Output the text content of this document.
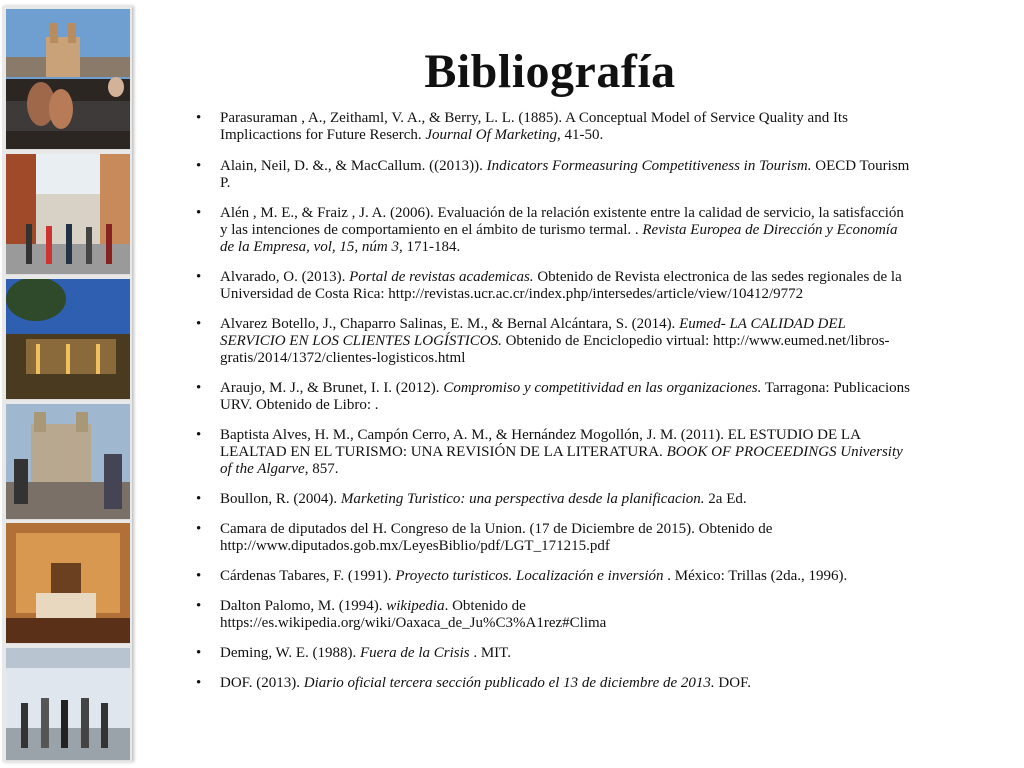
Bibliografía
• Parasuraman , A., Zeithaml, V. A., & Berry, L. L. (1885). A Conceptual Model of Service Quality and Its Implicactions for Future Reserch. Journal Of Marketing, 41-50.
• Alain, Neil, D. &., & MacCallum. ((2013)). Indicators Formeasuring Competitiveness in Tourism. OECD Tourism P.
• Alén , M. E., & Fraiz , J. A. (2006). Evaluación de la relación existente entre la calidad de servicio, la satisfacción y las intenciones de comportamiento en el ámbito de turismo termal. . Revista Europea de Dirección y Economía de la Empresa, vol, 15, núm 3, 171-184.
• Alvarado, O. (2013). Portal de revistas academicas. Obtenido de Revista electronica de las sedes regionales de la Universidad de Costa Rica: http://revistas.ucr.ac.cr/index.php/intersedes/article/view/10412/9772
• Alvarez Botello, J., Chaparro Salinas, E. M., & Bernal Alcántara, S. (2014). Eumed- LA CALIDAD DEL SERVICIO EN LOS CLIENTES LOGÍSTICOS. Obtenido de Enciclopedio virtual: http://www.eumed.net/libros-gratis/2014/1372/clientes-logisticos.html
• Araujo, M. J., & Brunet, I. I. (2012). Compromiso y competitividad en las organizaciones. Tarragona: Publicacions URV. Obtenido de Libro: .
• Baptista Alves, H. M., Campón Cerro, A. M., & Hernández Mogollón, J. M. (2011). EL ESTUDIO DE LA LEALTAD EN EL TURISMO: UNA REVISIÓN DE LA LITERATURA. BOOK OF PROCEEDINGS University of the Algarve, 857.
• Boullon, R. (2004). Marketing Turistico: una perspectiva desde la planificacion. 2a Ed.
• Camara de diputados del H. Congreso de la Union. (17 de Diciembre de 2015). Obtenido de http://www.diputados.gob.mx/LeyesBiblio/pdf/LGT_171215.pdf
• Cárdenas Tabares, F. (1991). Proyecto turisticos. Localización e inversión . México: Trillas (2da., 1996).
• Dalton Palomo, M. (1994). wikipedia. Obtenido de https://es.wikipedia.org/wiki/Oaxaca_de_Ju%C3%A1rez#Clima
• Deming, W. E. (1988). Fuera de la Crisis . MIT.
• DOF. (2013). Diario oficial tercera sección publicado el 13 de diciembre de 2013. DOF.
